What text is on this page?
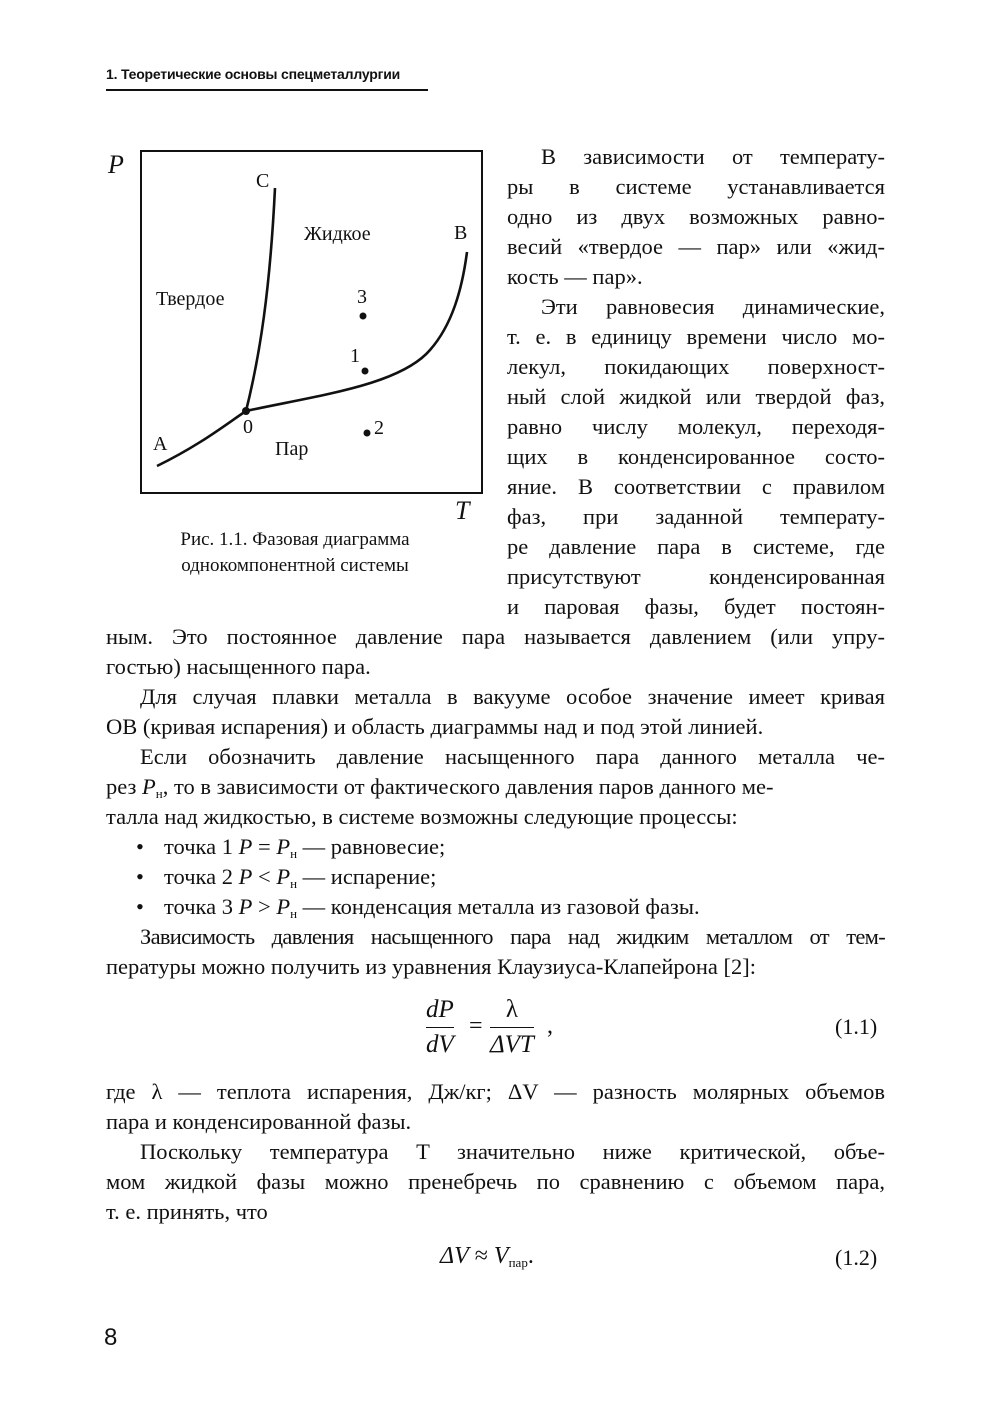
1. Теоретические основы спецметаллургии
P
T
C
B
A
Жидкое
Твердое
Пар
0
1
2
3
Рис. 1.1. Фазовая диаграмма
однокомпонентной системы
В зависимости от температу-
ры в системе устанавливается
одно из двух возможных равно-
весий «твердое — пар» или «жид-
кость — пар».
Эти равновесия динамические,
т. е. в единицу времени число мо-
лекул, покидающих поверхност-
ный слой жидкой или твердой фаз,
равно числу молекул, переходя-
щих в конденсированное состо-
яние. В соответствии с правилом
фаз, при заданной температу-
ре давление пара в системе, где
присутствуют конденсированная
и паровая фазы, будет постоян-
ным. Это постоянное давление пара называется давлением (или упру-
гостью) насыщенного пара.
Для случая плавки металла в вакууме особое значение имеет кривая
OB (кривая испарения) и область диаграммы над и под этой линией.
Если обозначить давление насыщенного пара данного металла че-
рез $P_н$, то в зависимости от фактического давления паров данного ме-
талла над жидкостью, в системе возможны следующие процессы:
• точка 1 $P = P_н$ — равновесие;
• точка 2 $P < P_н$ — испарение;
• точка 3 $P > P_н$ — конденсация металла из газовой фазы.
Зависимость давления насыщенного пара над жидким металлом от тем-
пературы можно получить из уравнения Клаузиуса-Клапейрона [2]:
dP
dV
=
λ
ΔVT
,	(1.1)
где λ — теплота испарения, Дж/кг; ΔV — разность молярных объемов
пара и конденсированной фазы.
Поскольку температура T значительно ниже критической, объе-
мом жидкой фазы можно пренебречь по сравнению с объемом пара,
т. е. принять, что
$\Delta V \approx V_{пар}$.	(1.2)
8
